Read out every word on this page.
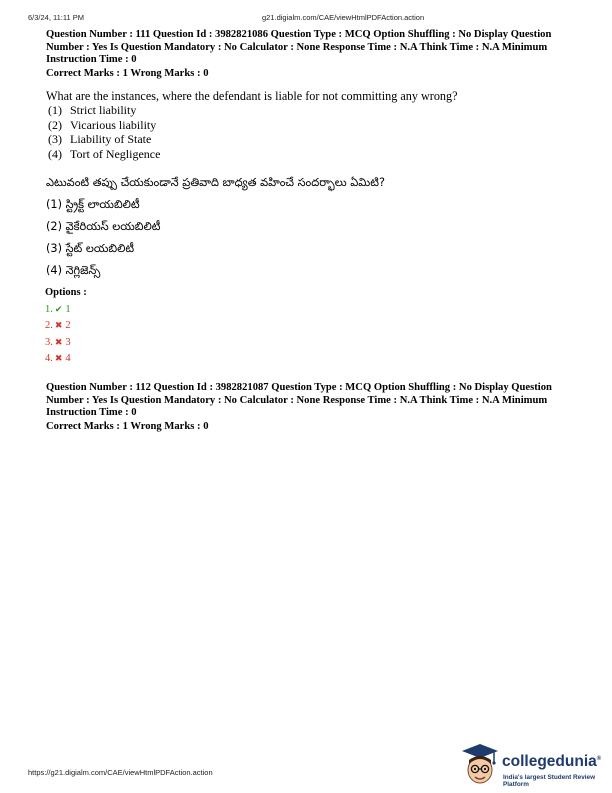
6/3/24, 11:11 PM	g21.digialm.com/CAE/viewHtmlPDFAction.action
Question Number : 111 Question Id : 3982821086 Question Type : MCQ Option Shuffling : No Display Question
Number : Yes Is Question Mandatory : No Calculator : None Response Time : N.A Think Time : N.A Minimum
Instruction Time : 0
Correct Marks : 1 Wrong Marks : 0
What are the instances, where the defendant is liable for not committing any wrong?
(1) Strict liability
(2) Vicarious liability
(3) Liability of State
(4) Tort of Negligence
ఎటువంటి తప్పు చేయకుండానే ప్రతివాది బాధ్యత వహించే సందర్భాలు ఏమిటి?
(1) స్ట్రిక్ట్ లాయబిలిటీ
(2) వైకేరియస్ లయబిలిటీ
(3) స్టేట్ లయబిలిటీ
(4) నెగ్లిజెన్స్
Options :
1. ✔ 1
2. ✖ 2
3. ✖ 3
4. ✖ 4
Question Number : 112 Question Id : 3982821087 Question Type : MCQ Option Shuffling : No Display Question
Number : Yes Is Question Mandatory : No Calculator : None Response Time : N.A Think Time : N.A Minimum
Instruction Time : 0
Correct Marks : 1 Wrong Marks : 0
https://g21.digialm.com/CAE/viewHtmlPDFAction.action
collegedunia®
India's largest Student Review Platform
